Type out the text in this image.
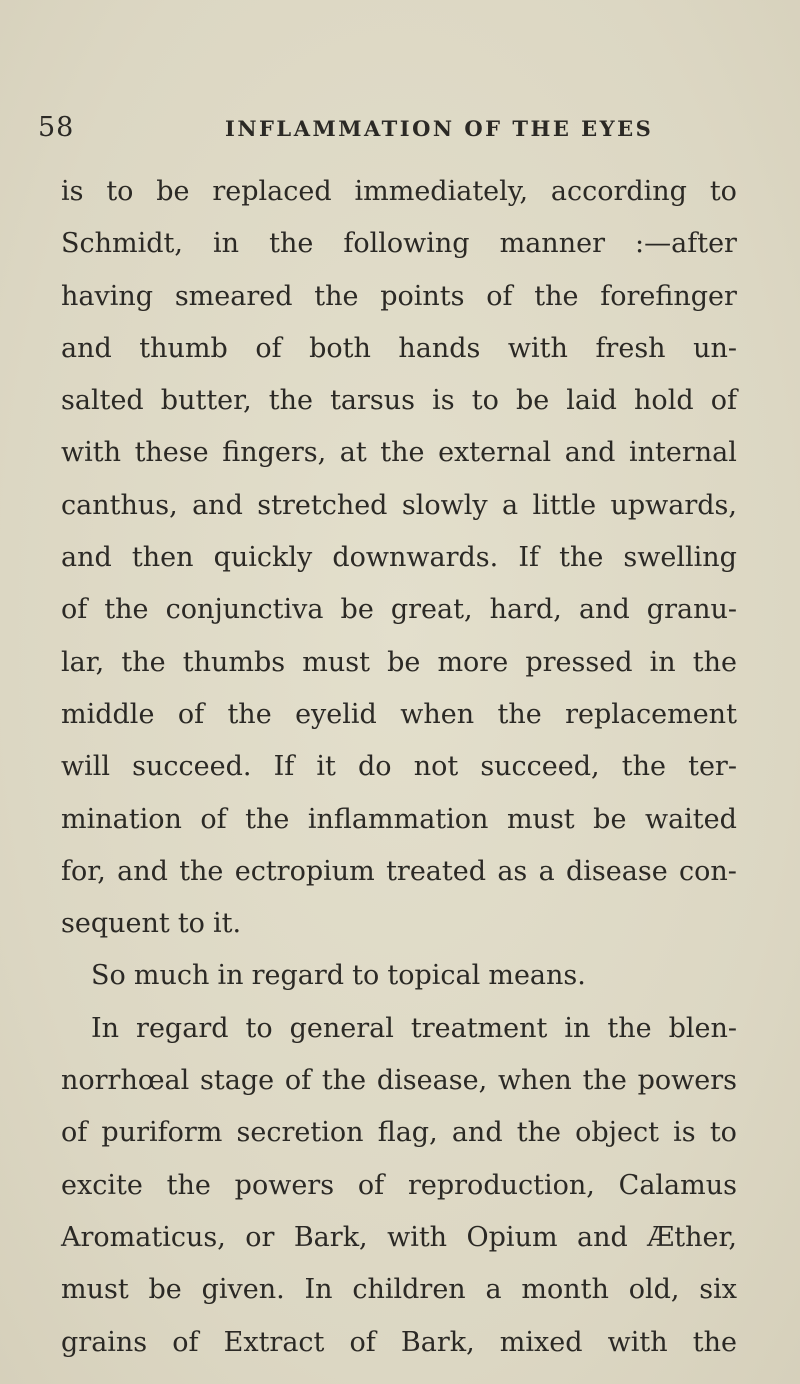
58	INFLAMMATION OF THE EYES
is to be replaced immediately, according to
Schmidt, in the following manner :—after
having smeared the points of the forefinger
and thumb of both hands with fresh un-
salted butter, the tarsus is to be laid hold of
with these fingers, at the external and internal
canthus, and stretched slowly a little upwards,
and then quickly downwards. If the swelling
of the conjunctiva be great, hard, and granu-
lar, the thumbs must be more pressed in the
middle of the eyelid when the replacement
will succeed. If it do not succeed, the ter-
mination of the inflammation must be waited
for, and the ectropium treated as a disease con-
sequent to it.
So much in regard to topical means.
In regard to general treatment in the blen-
norrhœal stage of the disease, when the powers
of puriform secretion flag, and the object is to
excite the powers of reproduction, Calamus
Aromaticus, or Bark, with Opium and Æther,
must be given. In children a month old, six
grains of Extract of Bark, mixed with the
